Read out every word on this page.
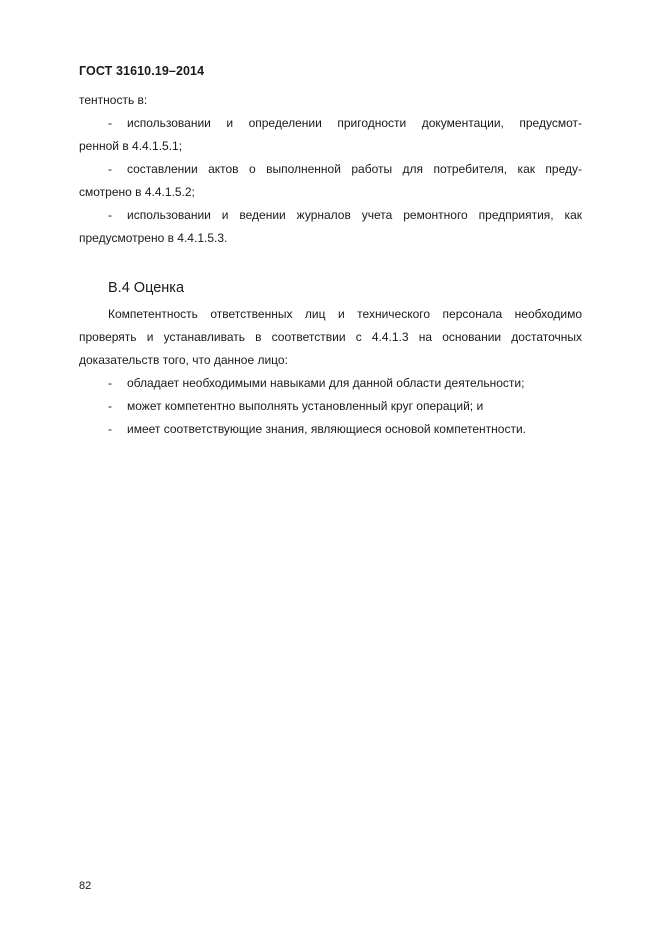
ГОСТ 31610.19–2014
тентность в:
- использовании и определении пригодности документации, предусмот-
ренной в 4.4.1.5.1;
- составлении актов о выполненной работы для потребителя, как преду-
смотрено в 4.4.1.5.2;
- использовании и ведении журналов учета ремонтного предприятия, как
предусмотрено в 4.4.1.5.3.
B.4 Оценка
Компетентность ответственных лиц и технического персонала необходимо
проверять и устанавливать в соответствии с 4.4.1.3 на основании достаточных
доказательств того, что данное лицо:
- обладает необходимыми навыками для данной области деятельности;
- может компетентно выполнять установленный круг операций; и
- имеет соответствующие знания, являющиеся основой компетентности.
82
